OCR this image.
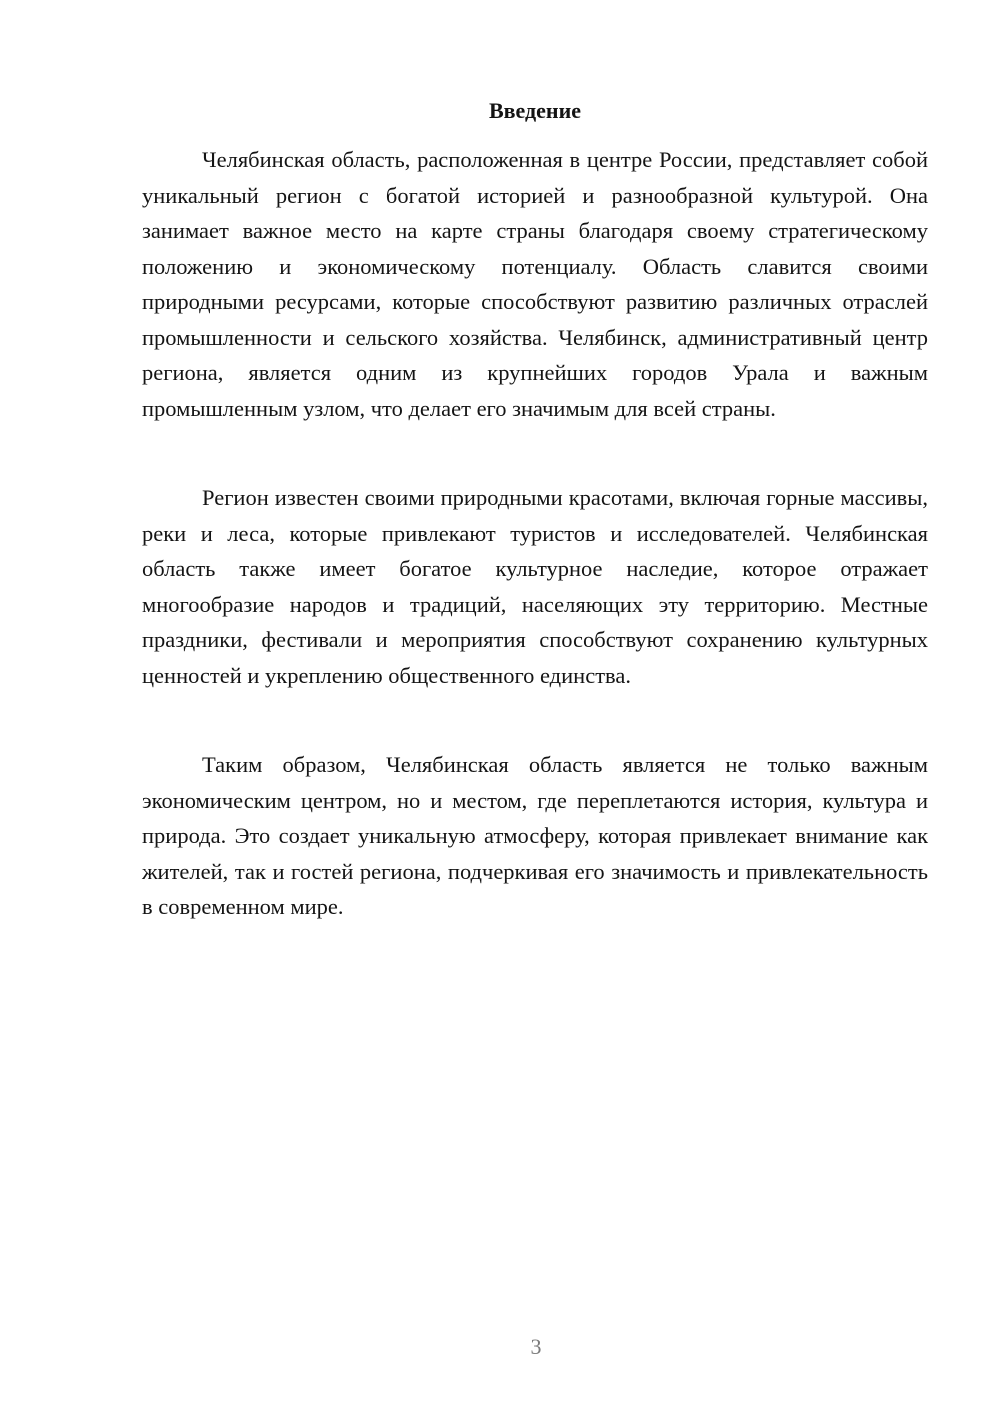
Введение

Челябинская область, расположенная в центре России, представляет собой уникальный регион с богатой историей и разнообразной культурой. Она занимает важное место на карте страны благодаря своему стратегическому положению и экономическому потенциалу. Область славится своими природными ресурсами, которые способствуют развитию различных отраслей промышленности и сельского хозяйства. Челябинск, административный центр региона, является одним из крупнейших городов Урала и важным промышленным узлом, что делает его значимым для всей страны.

Регион известен своими природными красотами, включая горные массивы, реки и леса, которые привлекают туристов и исследователей. Челябинская область также имеет богатое культурное наследие, которое отражает многообразие народов и традиций, населяющих эту территорию. Местные праздники, фестивали и мероприятия способствуют сохранению культурных ценностей и укреплению общественного единства.

Таким образом, Челябинская область является не только важным экономическим центром, но и местом, где переплетаются история, культура и природа. Это создает уникальную атмосферу, которая привлекает внимание как жителей, так и гостей региона, подчеркивая его значимость и привлекательность в современном мире.

3
